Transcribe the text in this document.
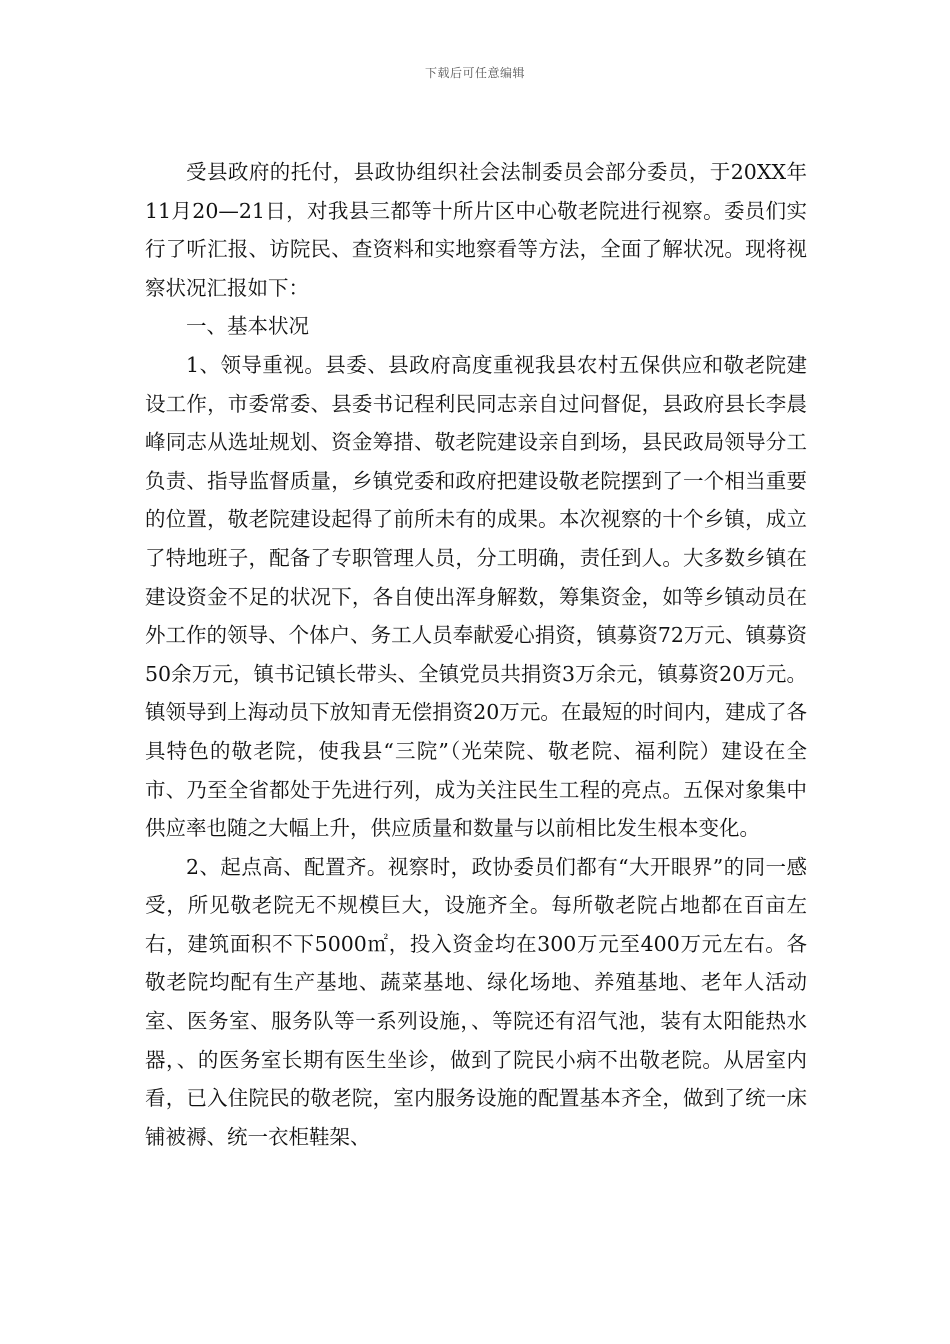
下载后可任意编辑

受县政府的托付，县政协组织社会法制委员会部分委员，于20XX年11月20—21日，对我县三都等十所片区中心敬老院进行视察。委员们实行了听汇报、访院民、查资料和实地察看等方法，全面了解状况。现将视察状况汇报如下：

一、基本状况

1、领导重视。县委、县政府高度重视我县农村五保供应和敬老院建设工作，市委常委、县委书记程利民同志亲自过问督促，县政府县长李晨峰同志从选址规划、资金筹措、敬老院建设亲自到场，县民政局领导分工负责、指导监督质量，乡镇党委和政府把建设敬老院摆到了一个相当重要的位置，敬老院建设起得了前所未有的成果。本次视察的十个乡镇，成立了特地班子，配备了专职管理人员，分工明确，责任到人。大多数乡镇在建设资金不足的状况下，各自使出浑身解数，筹集资金，如等乡镇动员在外工作的领导、个体户、务工人员奉献爱心捐资，镇募资72万元、镇募资50余万元，镇书记镇长带头、全镇党员共捐资3万余元，镇募资20万元。镇领导到上海动员下放知青无偿捐资20万元。在最短的时间内，建成了各具特色的敬老院，使我县“三院”（光荣院、敬老院、福利院）建设在全市、乃至全省都处于先进行列，成为关注民生工程的亮点。五保对象集中供应率也随之大幅上升，供应质量和数量与以前相比发生根本变化。

2、起点高、配置齐。视察时，政协委员们都有“大开眼界”的同一感受，所见敬老院无不规模巨大，设施齐全。每所敬老院占地都在百亩左右，建筑面积不下5000㎡，投入资金均在300万元至400万元左右。各敬老院均配有生产基地、蔬菜基地、绿化场地、养殖基地、老年人活动室、医务室、服务队等一系列设施，、等院还有沼气池，装有太阳能热水器，、的医务室长期有医生坐诊，做到了院民小病不出敬老院。从居室内看，已入住院民的敬老院，室内服务设施的配置基本齐全，做到了统一床铺被褥、统一衣柜鞋架、
